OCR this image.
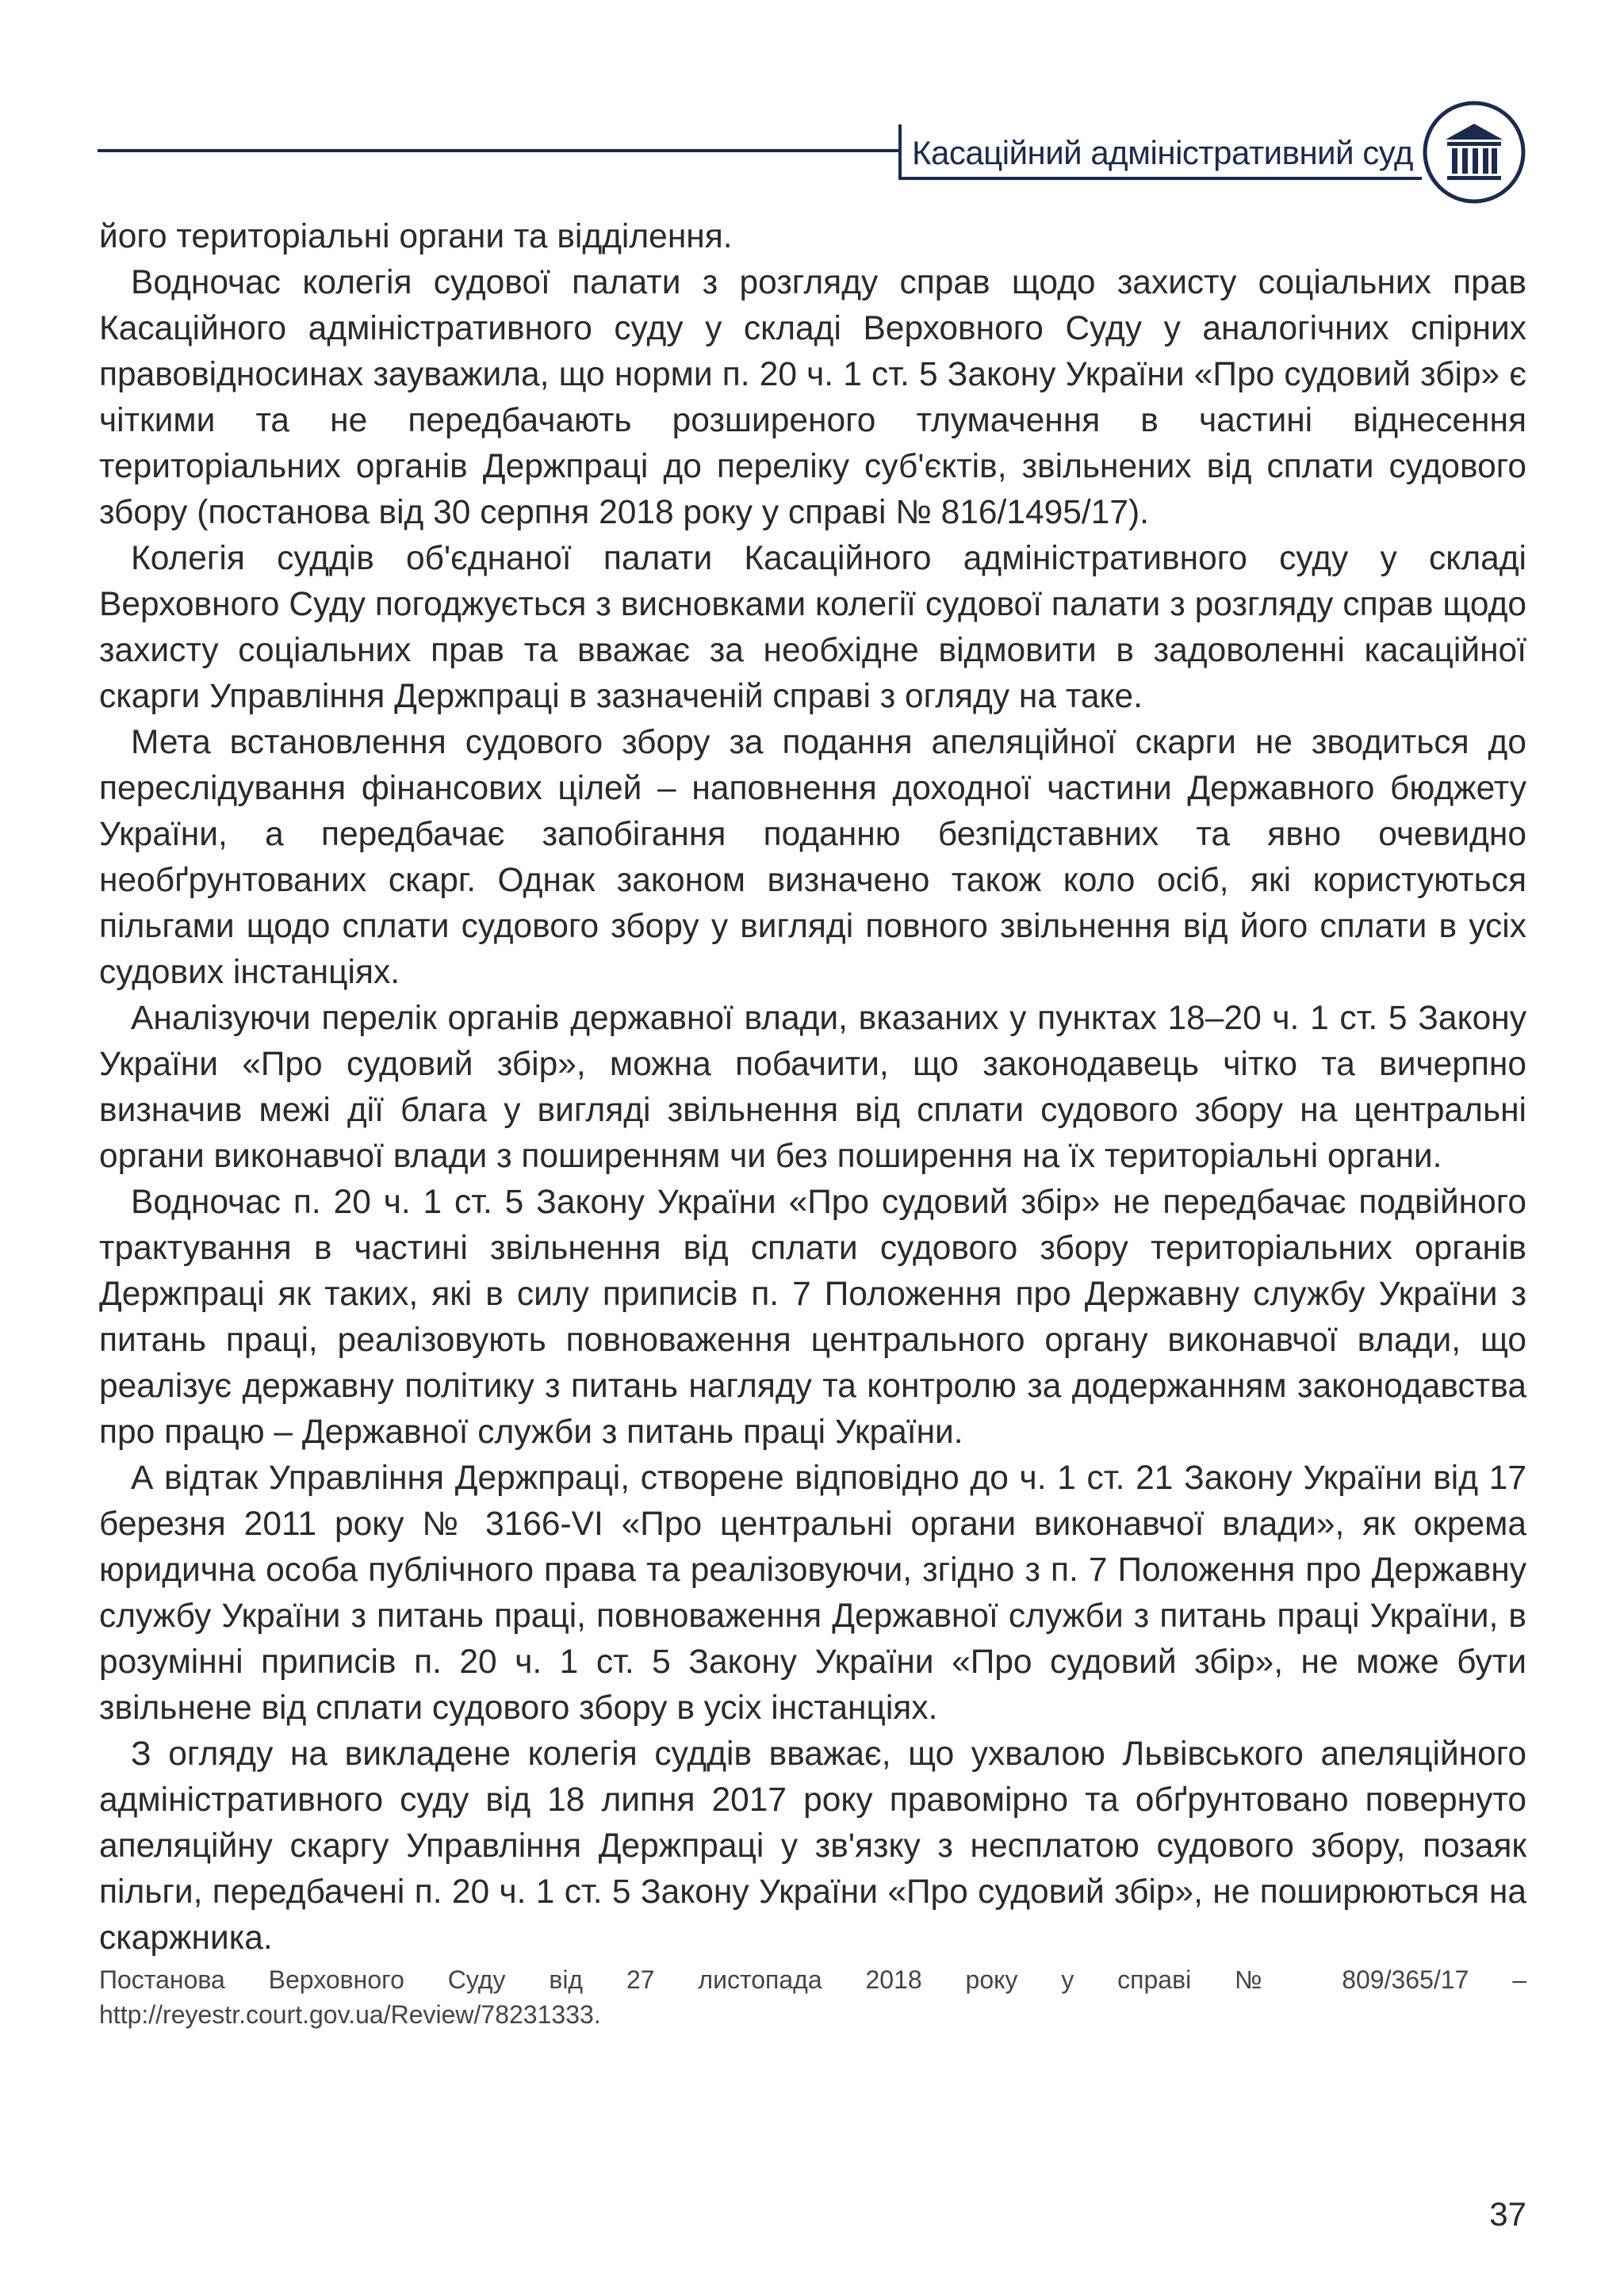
Касаційний адміністративний суд

його територіальні органи та відділення.

Водночас колегія судової палати з розгляду справ щодо захисту соціальних прав Касаційного адміністративного суду у складі Верховного Суду у аналогічних спірних правовідносинах зауважила, що норми п. 20 ч. 1 ст. 5 Закону України «Про судовий збір» є чіткими та не передбачають розширеного тлумачення в частині віднесення територіальних органів Держпраці до переліку суб'єктів, звільнених від сплати судового збору (постанова від 30 серпня 2018 року у справі № 816/1495/17).

Колегія суддів об'єднаної палати Касаційного адміністративного суду у складі Верховного Суду погоджується з висновками колегії судової палати з розгляду справ щодо захисту соціальних прав та вважає за необхідне відмовити в задоволенні касаційної скарги Управління Держпраці в зазначеній справі з огляду на таке.

Мета встановлення судового збору за подання апеляційної скарги не зводиться до переслідування фінансових цілей – наповнення доходної частини Державного бюджету України, а передбачає запобігання поданню безпідставних та явно очевидно необґрунтованих скарг. Однак законом визначено також коло осіб, які користуються пільгами щодо сплати судового збору у вигляді повного звільнення від його сплати в усіх судових інстанціях.

Аналізуючи перелік органів державної влади, вказаних у пунктах 18–20 ч. 1 ст. 5 Закону України «Про судовий збір», можна побачити, що законодавець чітко та вичерпно визначив межі дії блага у вигляді звільнення від сплати судового збору на центральні органи виконавчої влади з поширенням чи без поширення на їх територіальні органи.

Водночас п. 20 ч. 1 ст. 5 Закону України «Про судовий збір» не передбачає подвійного трактування в частині звільнення від сплати судового збору територіальних органів Держпраці як таких, які в силу приписів п. 7 Положення про Державну службу України з питань праці, реалізовують повноваження центрального органу виконавчої влади, що реалізує державну політику з питань нагляду та контролю за додержанням законодавства про працю – Державної служби з питань праці України.

А відтак Управління Держпраці, створене відповідно до ч. 1 ст. 21 Закону України від 17 березня 2011 року № 3166-VI «Про центральні органи виконавчої влади», як окрема юридична особа публічного права та реалізовуючи, згідно з п. 7 Положення про Державну службу України з питань праці, повноваження Державної служби з питань праці України, в розумінні приписів п. 20 ч. 1 ст. 5 Закону України «Про судовий збір», не може бути звільнене від сплати судового збору в усіх інстанціях.

З огляду на викладене колегія суддів вважає, що ухвалою Львівського апеляційного адміністративного суду від 18 липня 2017 року правомірно та обґрунтовано повернуто апеляційну скаргу Управління Держпраці у зв'язку з несплатою судового збору, позаяк пільги, передбачені п. 20 ч. 1 ст. 5 Закону України «Про судовий збір», не поширюються на скаржника.

Постанова Верховного Суду від 27 листопада 2018 року у справі № 809/365/17 – http://reyestr.court.gov.ua/Review/78231333.

37
